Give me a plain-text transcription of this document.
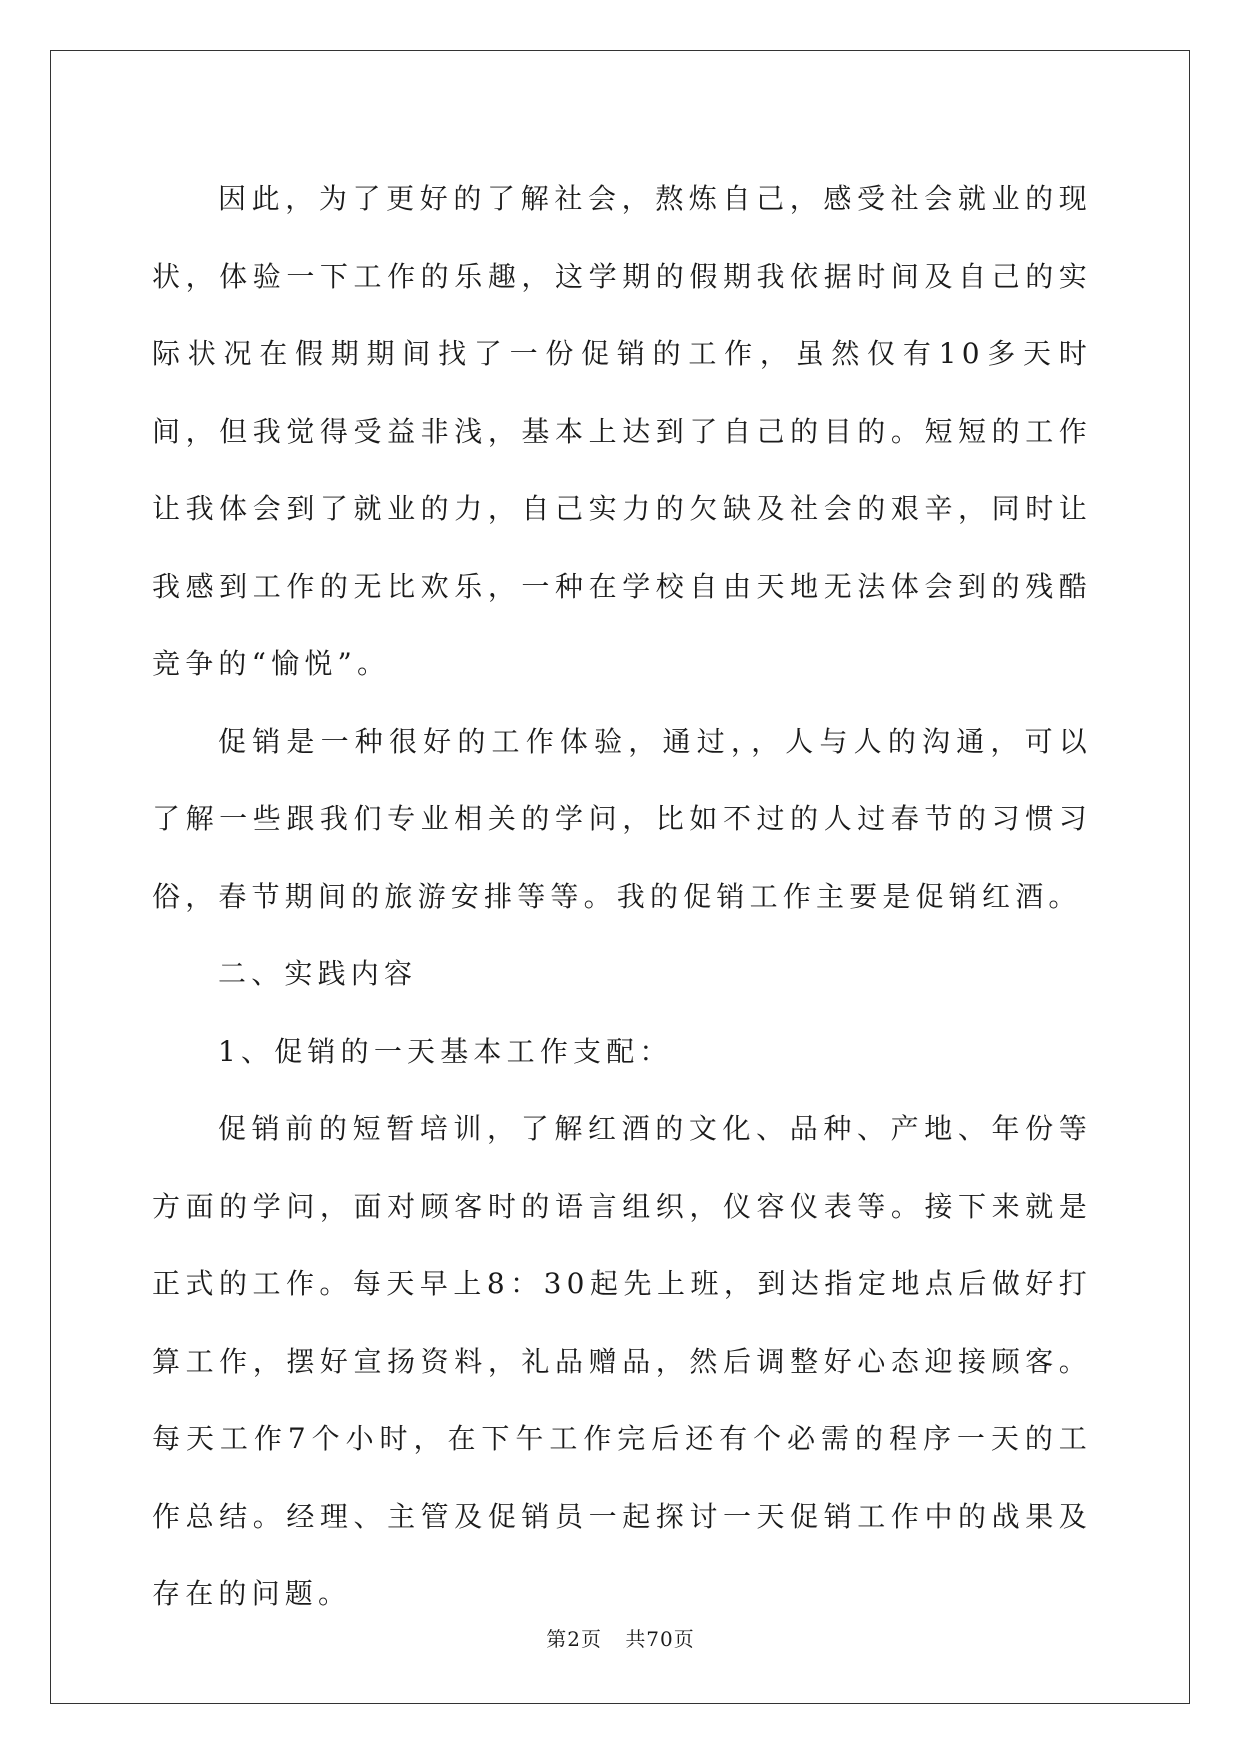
因此，为了更好的了解社会，熬炼自己，感受社会就业的现状，体验一下工作的乐趣，这学期的假期我依据时间及自己的实际状况在假期期间找了一份促销的工作，虽然仅有10多天时间，但我觉得受益非浅，基本上达到了自己的目的。短短的工作让我体会到了就业的力，自己实力的欠缺及社会的艰辛，同时让我感到工作的无比欢乐，一种在学校自由天地无法体会到的残酷竞争的“愉悦”。

促销是一种很好的工作体验，通过，，人与人的沟通，可以了解一些跟我们专业相关的学问，比如不过的人过春节的习惯习俗，春节期间的旅游安排等等。我的促销工作主要是促销红酒。

二、实践内容

1、促销的一天基本工作支配：

促销前的短暂培训，了解红酒的文化、品种、产地、年份等方面的学问，面对顾客时的语言组织，仪容仪表等。接下来就是正式的工作。每天早上8：30起先上班，到达指定地点后做好打算工作，摆好宣扬资料，礼品赠品，然后调整好心态迎接顾客。每天工作7个小时，在下午工作完后还有个必需的程序一天的工作总结。经理、主管及促销员一起探讨一天促销工作中的战果及存在的问题。

第2页 共70页
